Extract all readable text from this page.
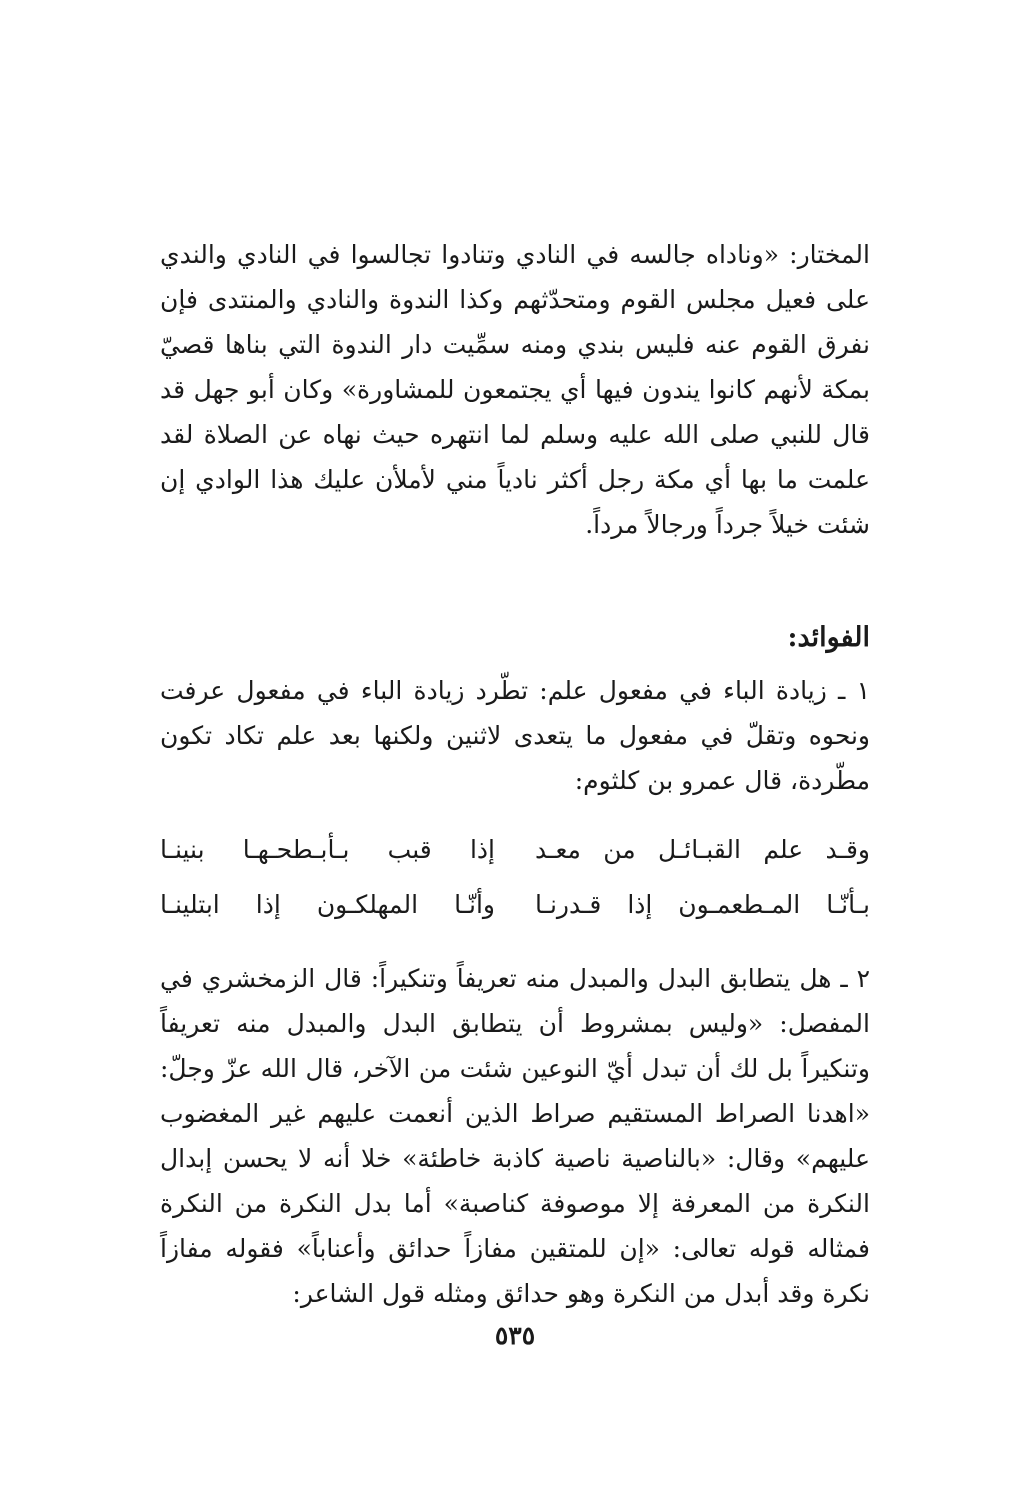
المختار: «وناداه جالسه في النادي وتنادوا تجالسوا في النادي والندي على فعيل مجلس القوم ومتحدّثهم وكذا الندوة والنادي والمنتدى فإن نفرق القوم عنه فليس بندي ومنه سمِّيت دار الندوة التي بناها قصيّ بمكة لأنهم كانوا يندون فيها أي يجتمعون للمشاورة» وكان أبو جهل قد قال للنبي صلى الله عليه وسلم لما انتهره حيث نهاه عن الصلاة لقد علمت ما بها أي مكة رجل أكثر نادياً مني لأملأن عليك هذا الوادي إن شئت خيلاً جرداً ورجالاً مرداً.

الفوائد:

١ ـ زيادة الباء في مفعول علم: تطّرد زيادة الباء في مفعول عرفت ونحوه وتقلّ في مفعول ما يتعدى لاثنين ولكنها بعد علم تكاد تكون مطّردة، قال عمرو بن كلثوم:

وقـد علم القبـائـل من معـد
إذا قبب بـأبـطحـهـا بنينـا
بـأنّـا المـطعمـون إذا قـدرنـا
وأنّـا المهلكـون إذا ابتلينـا

٢ ـ هل يتطابق البدل والمبدل منه تعريفاً وتنكيراً: قال الزمخشري في المفصل: «وليس بمشروط أن يتطابق البدل والمبدل منه تعريفاً وتنكيراً بل لك أن تبدل أيّ النوعين شئت من الآخر، قال الله عزّ وجلّ: «اهدنا الصراط المستقيم صراط الذين أنعمت عليهم غير المغضوب عليهم» وقال: «بالناصية ناصية كاذبة خاطئة» خلا أنه لا يحسن إبدال النكرة من المعرفة إلا موصوفة كناصبة» أما بدل النكرة من النكرة فمثاله قوله تعالى: «إن للمتقين مفازاً حدائق وأعناباً» فقوله مفازاً نكرة وقد أبدل من النكرة وهو حدائق ومثله قول الشاعر:

٥٣٥
